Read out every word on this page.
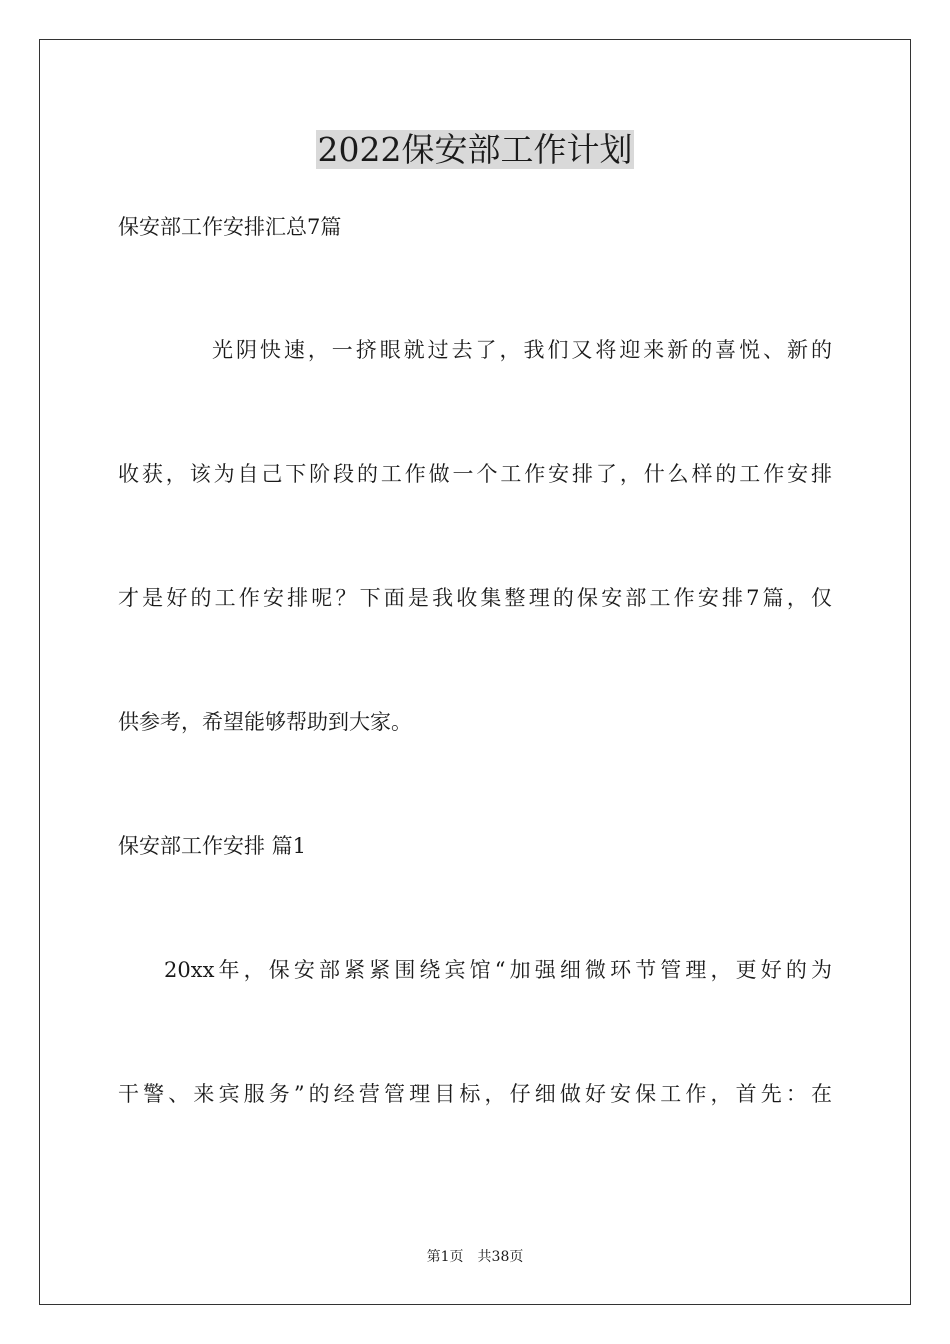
2022保安部工作计划
保安部工作安排汇总7篇
光阴快速，一挤眼就过去了，我们又将迎来新的喜悦、新的
收获，该为自己下阶段的工作做一个工作安排了，什么样的工作安排
才是好的工作安排呢？下面是我收集整理的保安部工作安排7篇，仅
供参考，希望能够帮助到大家。
保安部工作安排 篇1
20xx年，保安部紧紧围绕宾馆“加强细微环节管理，更好的为
干警、来宾服务”的经营管理目标，仔细做好安保工作，首先：在
第1页 共38页
